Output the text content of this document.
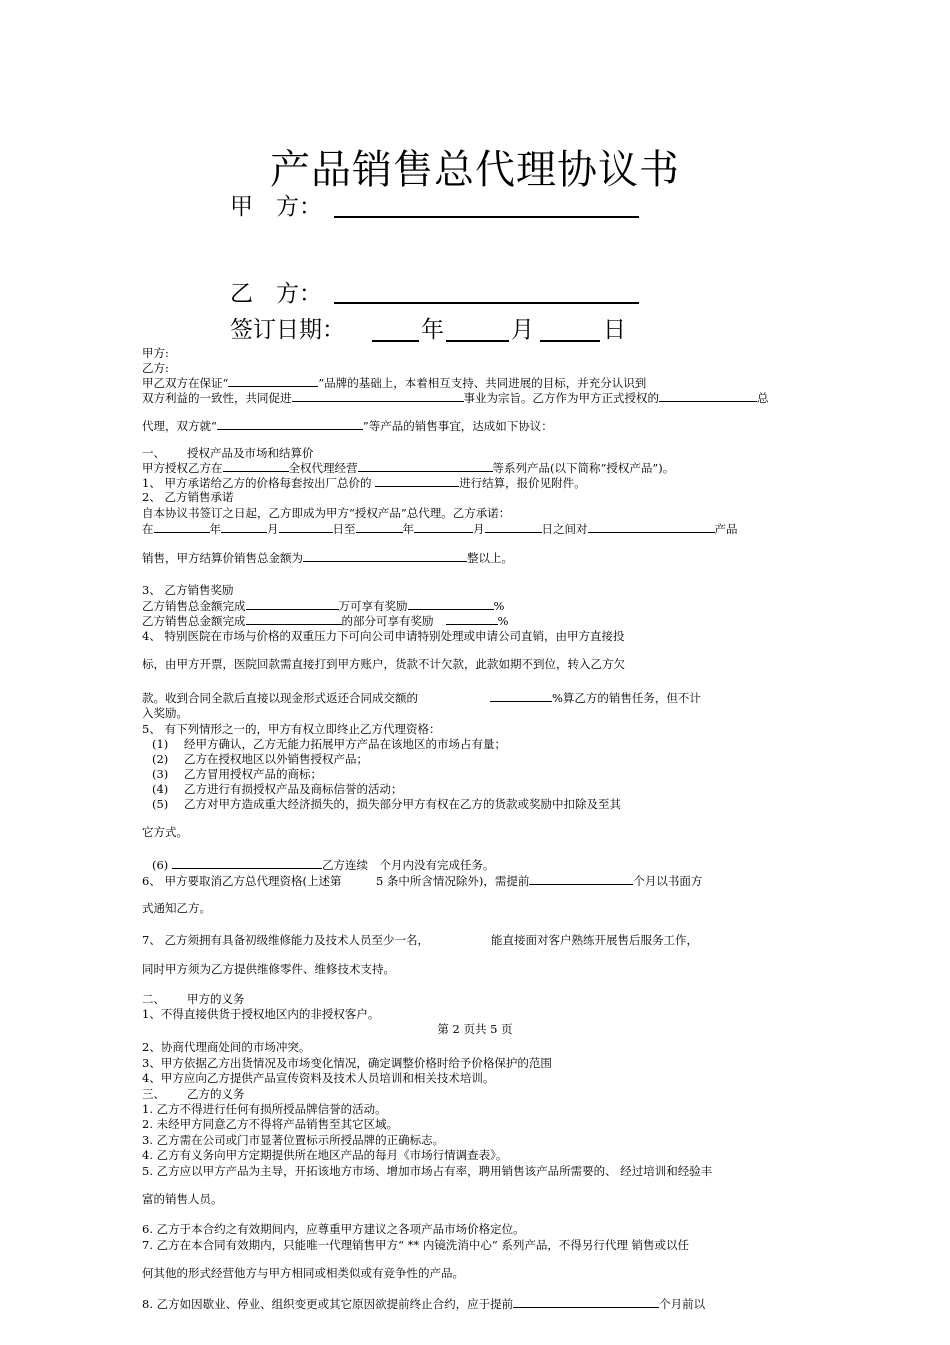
产品销售总代理协议书
甲　方：
乙　方：
签订日期：	年	月	日
甲方:
乙方:
甲乙双方在保证“	”品牌的基础上，本着相互支持、共同进展的目标，并充分认识到
双方利益的一致性，共同促进	事业为宗旨。乙方作为甲方正式授权的	总
代理，双方就“	”等产品的销售事宜，达成如下协议：
一、 授权产品及市场和结算价
甲方授权乙方在	全权代理经营	等系列产品(以下简称“授权产品”)。
1、 甲方承诺给乙方的价格每套按出厂总价的	进行结算，报价见附件。
2、 乙方销售承诺
自本协议书签订之日起，乙方即成为甲方“授权产品”总代理。乙方承诺：
在	年	月	日至	年	月	日之间对	产品
销售，甲方结算价销售总金额为	整以上。
3、 乙方销售奖励
乙方销售总金额完成	万可享有奖励	%
乙方销售总金额完成	的部分可享有奖励	%
4、 特别医院在市场与价格的双重压力下可向公司申请特别处理或申请公司直销，由甲方直接投
标，由甲方开票，医院回款需直接打到甲方账户，货款不计欠款，此款如期不到位，转入乙方欠
款。收到合同全款后直接以现金形式返还合同成交额的	%算乙方的销售任务，但不计
入奖励。
5、 有下列情形之一的，甲方有权立即终止乙方代理资格：
(1) 经甲方确认，乙方无能力拓展甲方产品在该地区的市场占有量；
(2) 乙方在授权地区以外销售授权产品；
(3) 乙方冒用授权产品的商标；
(4) 乙方进行有损授权产品及商标信誉的活动；
(5) 乙方对甲方造成重大经济损失的，损失部分甲方有权在乙方的货款或奖励中扣除及至其
它方式。
(6)	乙方连续　个月内没有完成任务。
6、 甲方要取消乙方总代理资格(上述第　　　5 条中所含情况除外)，需提前	个月以书面方
式通知乙方。
7、 乙方须拥有具备初级维修能力及技术人员至少一名，	能直接面对客户熟练开展售后服务工作，
同时甲方须为乙方提供维修零件、维修技术支持。
二、 甲方的义务
1、不得直接供货于授权地区内的非授权客户。
第 2 页共 5 页
2、协商代理商处间的市场冲突。
3、甲方依据乙方出货情况及市场变化情况，确定调整价格时给予价格保护的范围
4、甲方应向乙方提供产品宣传资料及技术人员培训和相关技术培训。
三、 乙方的义务
1. 乙方不得进行任何有损所授品牌信誉的活动。
2. 未经甲方同意乙方不得将产品销售至其它区域。
3. 乙方需在公司或门市显著位置标示所授品牌的正确标志。
4. 乙方有义务向甲方定期提供所在地区产品的每月《市场行情调查表》。
5. 乙方应以甲方产品为主导，开拓该地方市场、增加市场占有率，聘用销售该产品所需要的、 经过培训和经验丰
富的销售人员。
6. 乙方于本合约之有效期间内，应尊重甲方建议之各项产品市场价格定位。
7. 乙方在本合同有效期内，只能唯一代理销售甲方“ ** 内镜洗消中心” 系列产品，不得另行代理 销售或以任
何其他的形式经营他方与甲方相同或相类似或有竞争性的产品。
8. 乙方如因歇业、停业、组织变更或其它原因欲提前终止合约，应于提前	个月前以
